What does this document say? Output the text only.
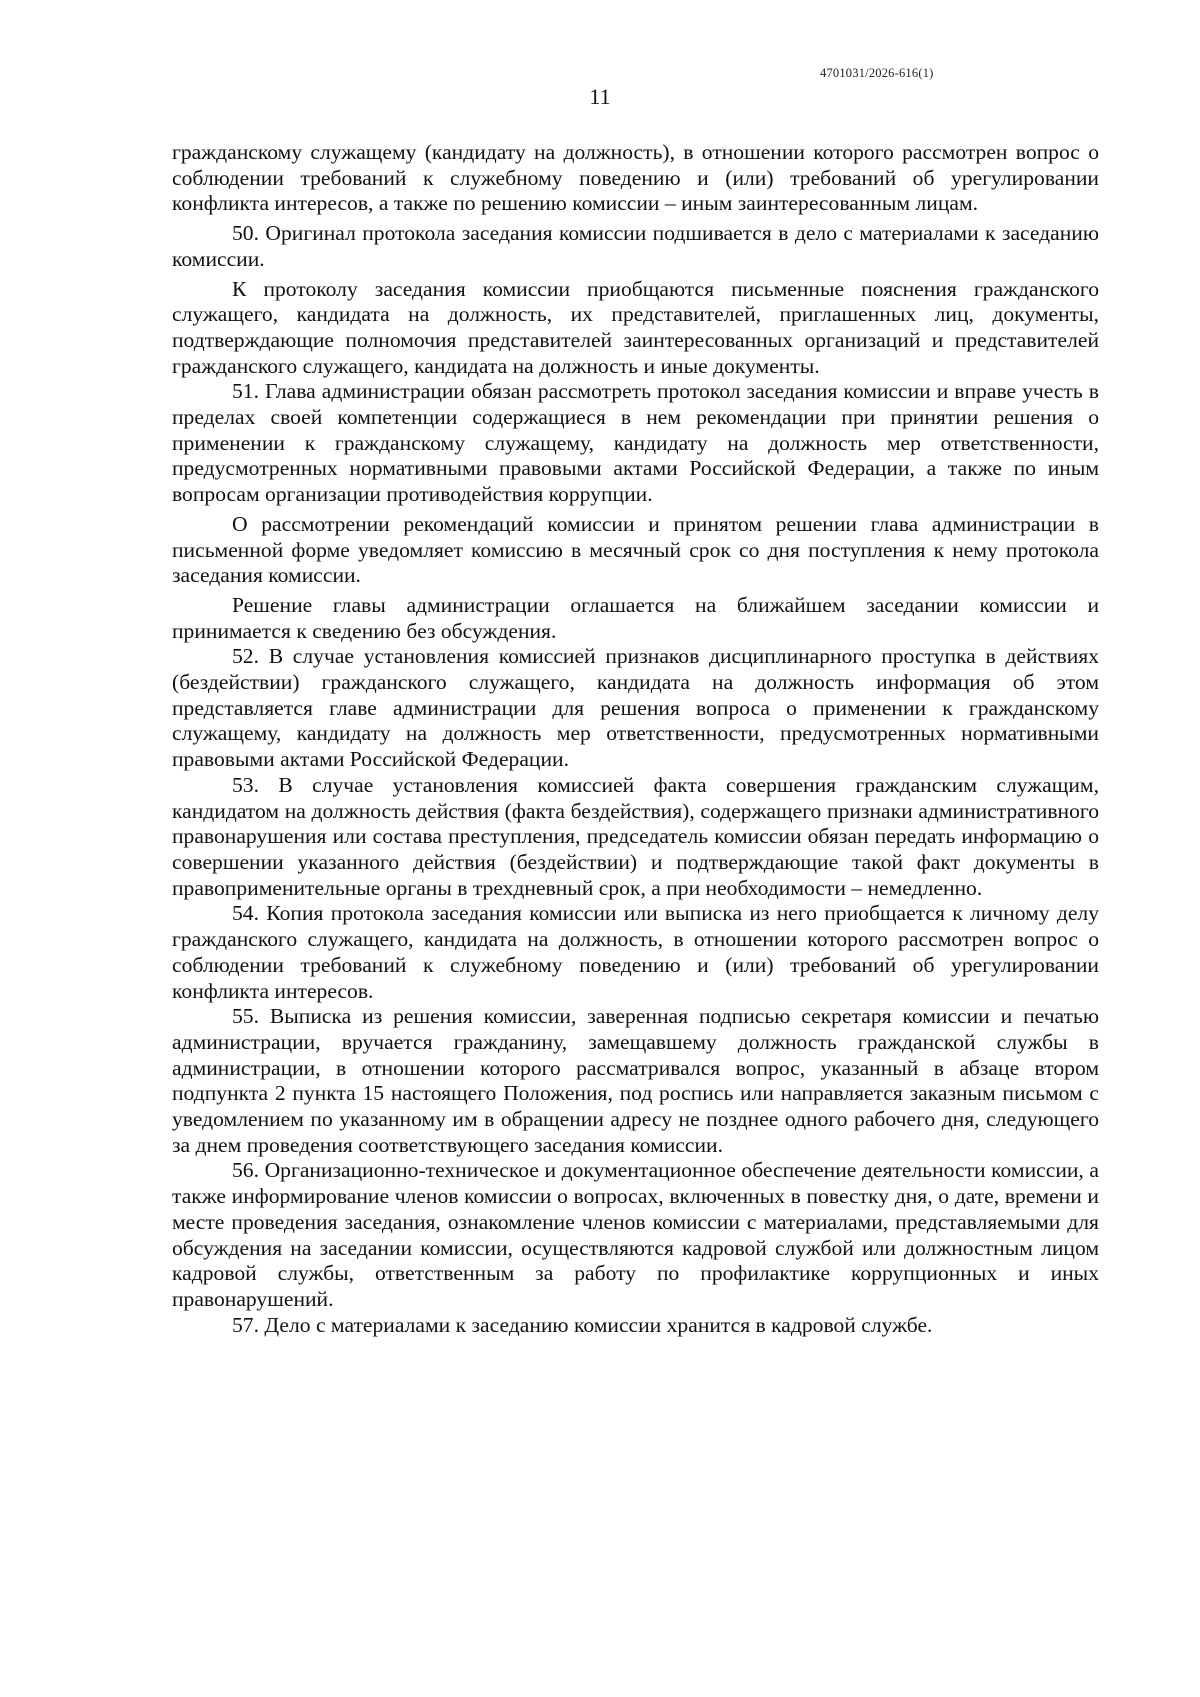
4701031/2026-616(1)
11

гражданскому служащему (кандидату на должность), в отношении которого рассмотрен вопрос о соблюдении требований к служебному поведению и (или) требований об урегулировании конфликта интересов, а также по решению комиссии – иным заинтересованным лицам.

50. Оригинал протокола заседания комиссии подшивается в дело с материалами к заседанию комиссии.

К протоколу заседания комиссии приобщаются письменные пояснения гражданского служащего, кандидата на должность, их представителей, приглашенных лиц, документы, подтверждающие полномочия представителей заинтересованных организаций и представителей гражданского служащего, кандидата на должность и иные документы.

51. Глава администрации обязан рассмотреть протокол заседания комиссии и вправе учесть в пределах своей компетенции содержащиеся в нем рекомендации при принятии решения о применении к гражданскому служащему, кандидату на должность мер ответственности, предусмотренных нормативными правовыми актами Российской Федерации, а также по иным вопросам организации противодействия коррупции.

О рассмотрении рекомендаций комиссии и принятом решении глава администрации в письменной форме уведомляет комиссию в месячный срок со дня поступления к нему протокола заседания комиссии.

Решение главы администрации оглашается на ближайшем заседании комиссии и принимается к сведению без обсуждения.

52. В случае установления комиссией признаков дисциплинарного проступка в действиях (бездействии) гражданского служащего, кандидата на должность информация об этом представляется главе администрации для решения вопроса о применении к гражданскому служащему, кандидату на должность мер ответственности, предусмотренных нормативными правовыми актами Российской Федерации.

53. В случае установления комиссией факта совершения гражданским служащим, кандидатом на должность действия (факта бездействия), содержащего признаки административного правонарушения или состава преступления, председатель комиссии обязан передать информацию о совершении указанного действия (бездействии) и подтверждающие такой факт документы в правоприменительные органы в трехдневный срок, а при необходимости – немедленно.

54. Копия протокола заседания комиссии или выписка из него приобщается к личному делу гражданского служащего, кандидата на должность, в отношении которого рассмотрен вопрос о соблюдении требований к служебному поведению и (или) требований об урегулировании конфликта интересов.

55. Выписка из решения комиссии, заверенная подписью секретаря комиссии и печатью администрации, вручается гражданину, замещавшему должность гражданской службы в администрации, в отношении которого рассматривался вопрос, указанный в абзаце втором подпункта 2 пункта 15 настоящего Положения, под роспись или направляется заказным письмом с уведомлением по указанному им в обращении адресу не позднее одного рабочего дня, следующего за днем проведения соответствующего заседания комиссии.

56. Организационно-техническое и документационное обеспечение деятельности комиссии, а также информирование членов комиссии о вопросах, включенных в повестку дня, о дате, времени и месте проведения заседания, ознакомление членов комиссии с материалами, представляемыми для обсуждения на заседании комиссии, осуществляются кадровой службой или должностным лицом кадровой службы, ответственным за работу по профилактике коррупционных и иных правонарушений.

57. Дело с материалами к заседанию комиссии хранится в кадровой службе.
